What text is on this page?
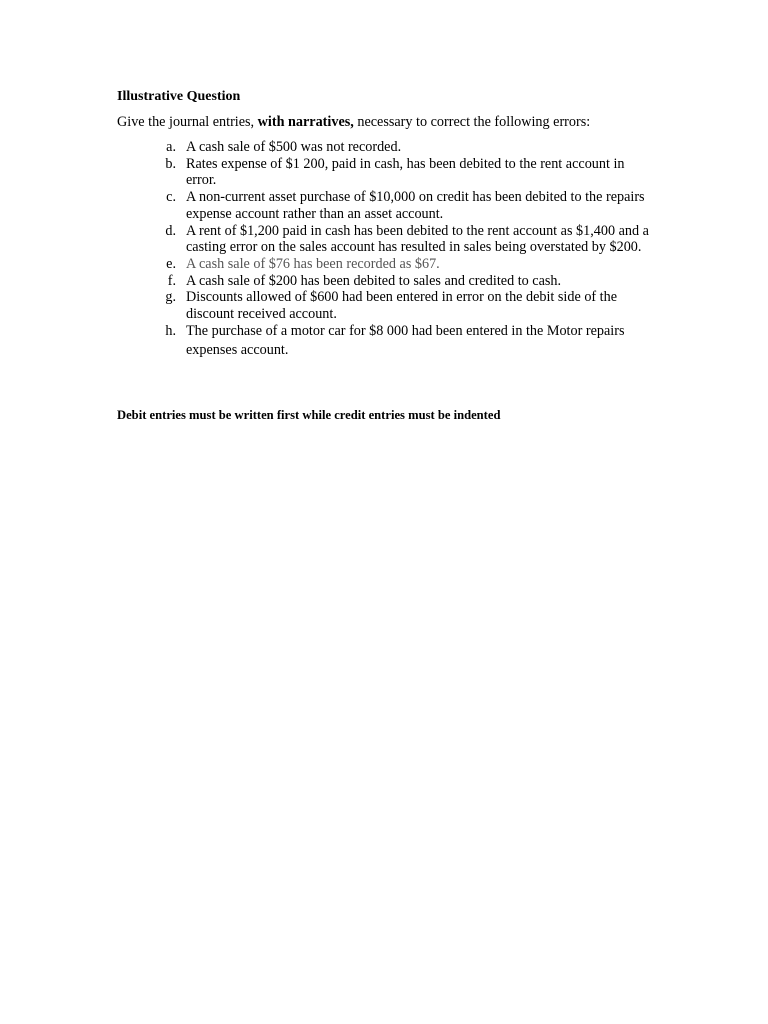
Illustrative Question
Give the journal entries, with narratives, necessary to correct the following errors:
a. A cash sale of $500 was not recorded.
b. Rates expense of $1 200, paid in cash, has been debited to the rent account in error.
c. A non-current asset purchase of $10,000 on credit has been debited to the repairs expense account rather than an asset account.
d. A rent of $1,200 paid in cash has been debited to the rent account as $1,400 and a casting error on the sales account has resulted in sales being overstated by $200.
e. A cash sale of $76 has been recorded as $67.
f. A cash sale of $200 has been debited to sales and credited to cash.
g. Discounts allowed of $600 had been entered in error on the debit side of the discount received account.
h. The purchase of a motor car for $8 000 had been entered in the Motor repairs expenses account.
Debit entries must be written first while credit entries must be indented
